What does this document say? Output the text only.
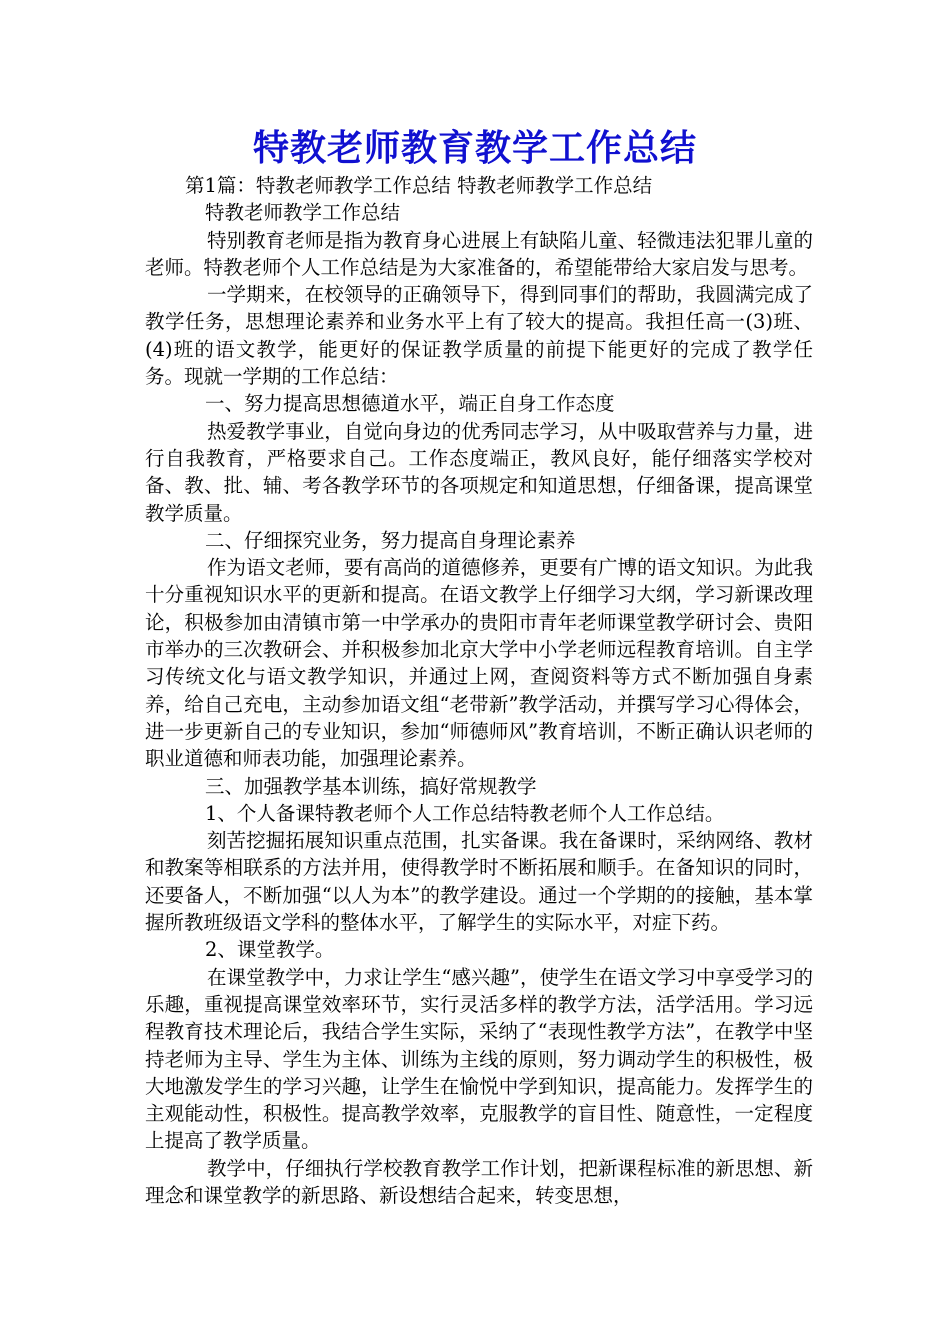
特教老师教育教学工作总结

第1篇：特教老师教学工作总结 特教老师教学工作总结

特教老师教学工作总结

特别教育老师是指为教育身心进展上有缺陷儿童、轻微违法犯罪儿童的老师。特教老师个人工作总结是为大家准备的，希望能带给大家启发与思考。

一学期来，在校领导的正确领导下，得到同事们的帮助，我圆满完成了教学任务，思想理论素养和业务水平上有了较大的提高。我担任高一(3)班、(4)班的语文教学，能更好的保证教学质量的前提下能更好的完成了教学任务。现就一学期的工作总结：

一、努力提高思想德道水平，端正自身工作态度

热爱教学事业，自觉向身边的优秀同志学习，从中吸取营养与力量，进行自我教育，严格要求自己。工作态度端正，教风良好，能仔细落实学校对备、教、批、辅、考各教学环节的各项规定和知道思想，仔细备课，提高课堂教学质量。

二、仔细探究业务，努力提高自身理论素养

作为语文老师，要有高尚的道德修养，更要有广博的语文知识。为此我十分重视知识水平的更新和提高。在语文教学上仔细学习大纲，学习新课改理论，积极参加由清镇市第一中学承办的贵阳市青年老师课堂教学研讨会、贵阳市举办的三次教研会、并积极参加北京大学中小学老师远程教育培训。自主学习传统文化与语文教学知识，并通过上网，查阅资料等方式不断加强自身素养，给自己充电，主动参加语文组“老带新”教学活动，并撰写学习心得体会，进一步更新自己的专业知识，参加“师德师风”教育培训，不断正确认识老师的职业道德和师表功能，加强理论素养。

三、加强教学基本训练，搞好常规教学

1、个人备课特教老师个人工作总结特教老师个人工作总结。

刻苦挖掘拓展知识重点范围，扎实备课。我在备课时，采纳网络、教材和教案等相联系的方法并用，使得教学时不断拓展和顺手。在备知识的同时，还要备人，不断加强“以人为本”的教学建设。通过一个学期的的接触，基本掌握所教班级语文学科的整体水平，了解学生的实际水平，对症下药。

2、课堂教学。

在课堂教学中，力求让学生“感兴趣”，使学生在语文学习中享受学习的乐趣，重视提高课堂效率环节，实行灵活多样的教学方法，活学活用。学习远程教育技术理论后，我结合学生实际，采纳了“表现性教学方法”，在教学中坚持老师为主导、学生为主体、训练为主线的原则，努力调动学生的积极性，极大地激发学生的学习兴趣，让学生在愉悦中学到知识，提高能力。发挥学生的主观能动性，积极性。提高教学效率，克服教学的盲目性、随意性，一定程度上提高了教学质量。

教学中，仔细执行学校教育教学工作计划，把新课程标准的新思想、新理念和课堂教学的新思路、新设想结合起来，转变思想，
